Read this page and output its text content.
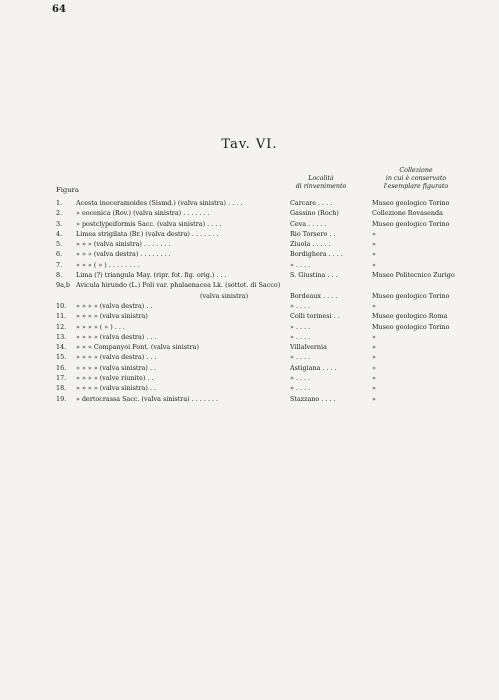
64
Tav. VI.
Figura
Località
di rinvenimento
Collezione
in cui è conservato
l'esemplare figurato
1.	Acesta inoceramoides (Sismd.) (valva sinistra) . . . .	Carcare . . . .	Museo geologico Torino
2.	» eocenica (Rov.) (valva sinistra) . . . . . . .	Gassino (Roch)	Collezione Rovasenda
3.	» postclypeiformis Sacc. (valva sinistra) . . . .	Ceva . . . . .	Museo geologico Torino
4.	Limea strigilata (Br.) (valva destra) . . . . . . .	Rio Torsero . .	»
5.	» » » (valva sinistra) . . . . . . .	Ziuola . . . . .	»
6.	» » » (valva destra) . . . . . . . .	Bordighera . . . .	»
7.	» » » ( » ) . . . . . . . .	» . . . .	»
8.	Lima (?) triangula May. (ripr. fot. fig. orig.) . . .	S. Giustina . . .	Museo Politecnico Zurigo
9a,b Avicula hirundo (L.) Poli var. phalaenacea Lk. (sottot. di Sacco)
(valva sinistra)	Bordeaux . . . .	Museo geologico Torino
10.	» » » » (valva destra) . .	» . . . .	»
11.	» » » » (valva sinistra)	Colli torinesi . .	Museo geologico Roma
12.	» » » » ( » ) . . .	» . . . .	Museo geologico Torino
13.	» » » » (valva destra) . . .	» . . . .	»
14.	» » » Companyoi Font. (valva sinistra)	Villalvernia	»
15.	» » » » (valva destra) . . .	» . . . .	»
16.	» » » » (valva sinistra) . .	Astigiana . . . .	»
17.	» » » » (valve riunite) . .	» . . . .	»
18.	» » » » (valva sinistra) . .	» . . . .	»
19.	» dertocrassa Sacc. (valva sinistra) . . . . . . .	Stazzano . . . .	»
